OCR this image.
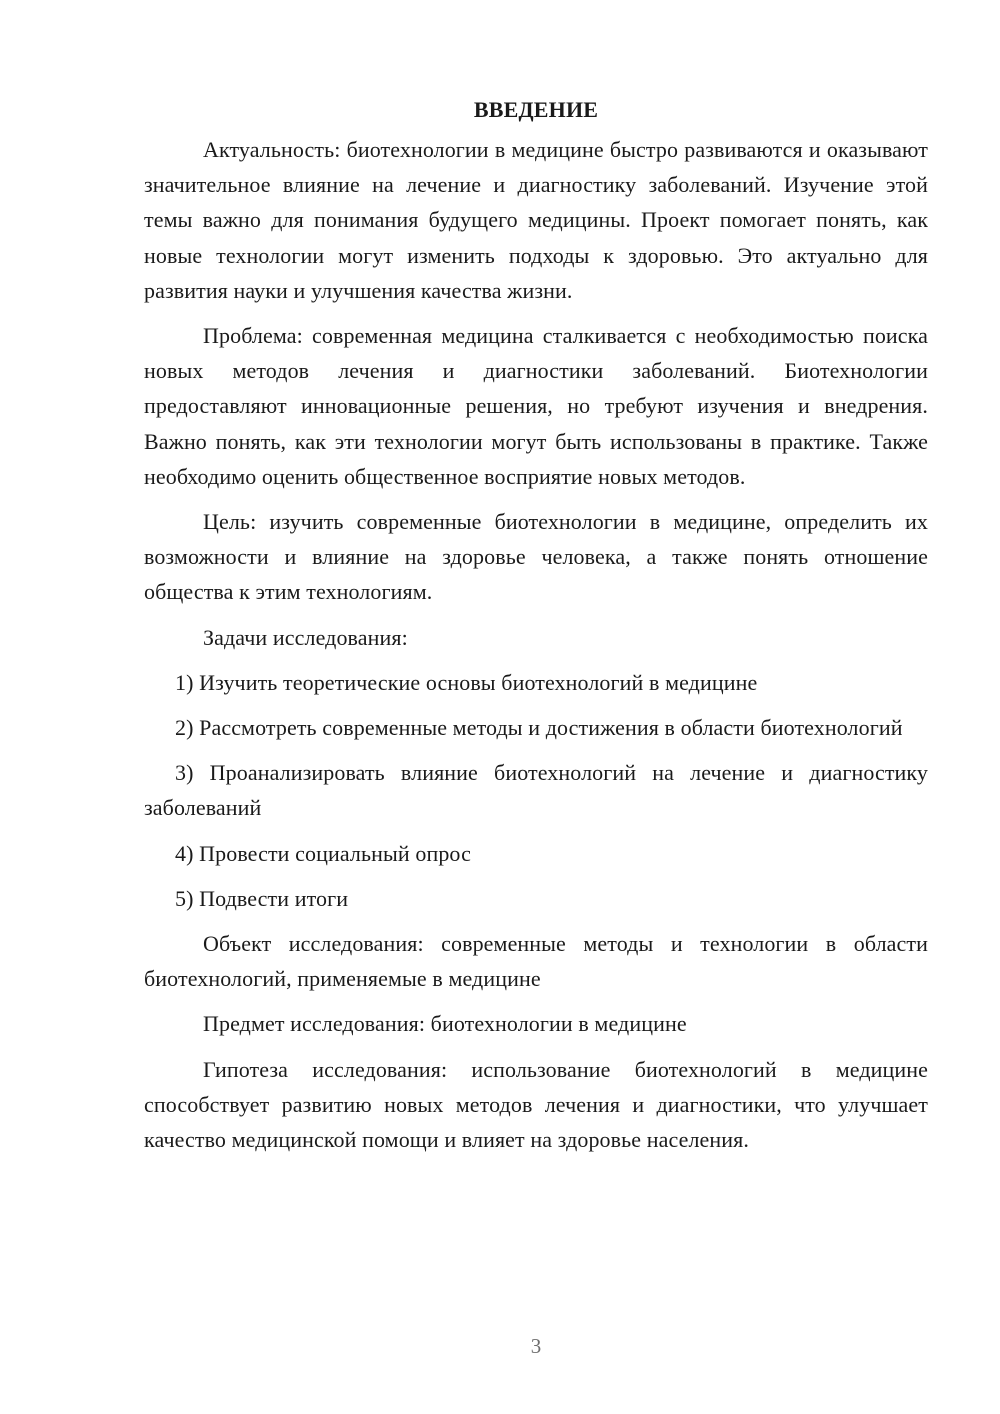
ВВЕДЕНИЕ

Актуальность: биотехнологии в медицине быстро развиваются и оказывают значительное влияние на лечение и диагностику заболеваний. Изучение этой темы важно для понимания будущего медицины. Проект помогает понять, как новые технологии могут изменить подходы к здоровью. Это актуально для развития науки и улучшения качества жизни.

Проблема: современная медицина сталкивается с необходимостью поиска новых методов лечения и диагностики заболеваний. Биотехнологии предоставляют инновационные решения, но требуют изучения и внедрения. Важно понять, как эти технологии могут быть использованы в практике. Также необходимо оценить общественное восприятие новых методов.

Цель: изучить современные биотехнологии в медицине, определить их возможности и влияние на здоровье человека, а также понять отношение общества к этим технологиям.

Задачи исследования:

1) Изучить теоретические основы биотехнологий в медицине

2) Рассмотреть современные методы и достижения в области биотехнологий

3) Проанализировать влияние биотехнологий на лечение и диагностику заболеваний

4) Провести социальный опрос

5) Подвести итоги

Объект исследования: современные методы и технологии в области биотехнологий, применяемые в медицине

Предмет исследования: биотехнологии в медицине

Гипотеза исследования: использование биотехнологий в медицине способствует развитию новых методов лечения и диагностики, что улучшает качество медицинской помощи и влияет на здоровье населения.

3
